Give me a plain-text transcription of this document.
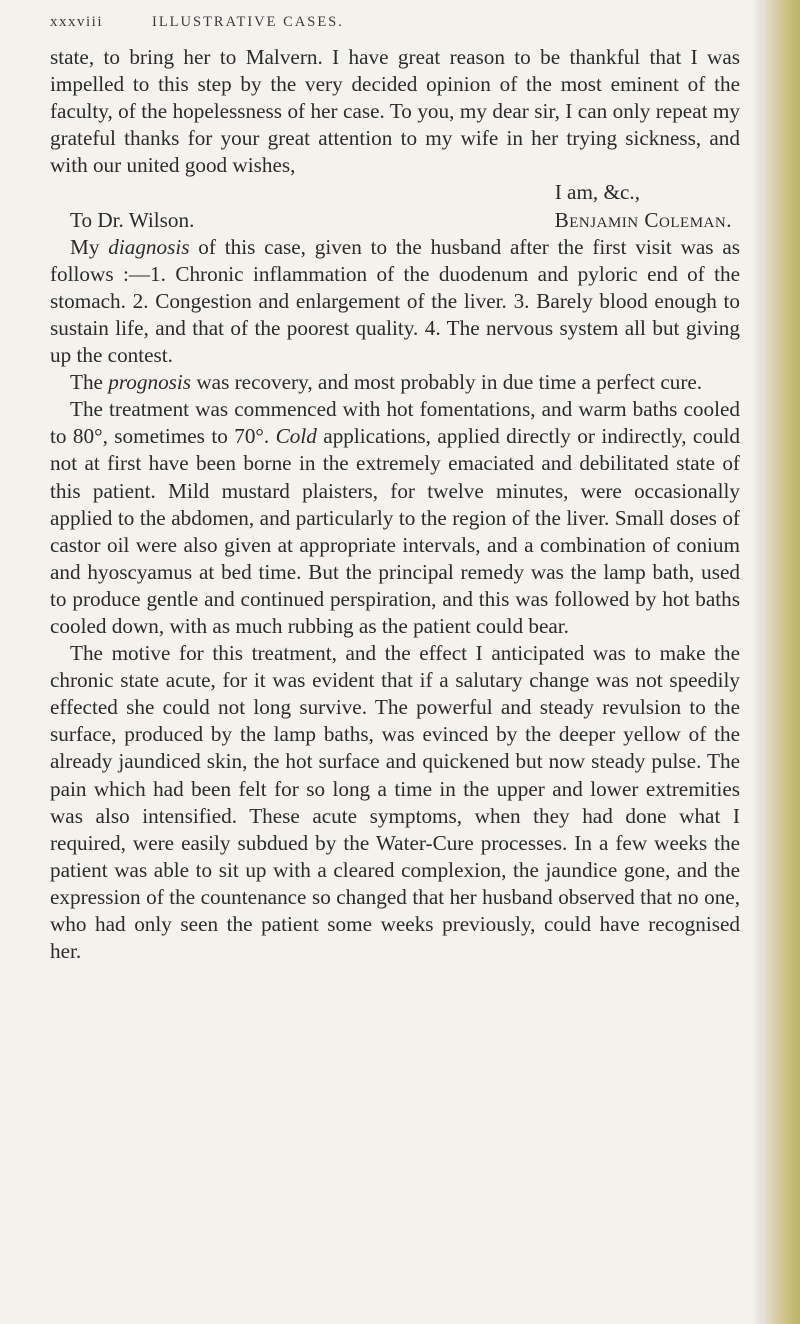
xxxviii	ILLUSTRATIVE CASES.

state, to bring her to Malvern. I have great reason to be thankful that I was impelled to this step by the very decided opinion of the most eminent of the faculty, of the hopelessness of her case. To you, my dear sir, I can only repeat my grateful thanks for your great attention to my wife in her trying sickness, and with our united good wishes,

I am, &c.,
To Dr. Wilson.	Benjamin Coleman.

My diagnosis of this case, given to the husband after the first visit was as follows :—1. Chronic inflammation of the duodenum and pyloric end of the stomach. 2. Congestion and enlargement of the liver. 3. Barely blood enough to sustain life, and that of the poorest quality. 4. The nervous system all but giving up the contest.

The prognosis was recovery, and most probably in due time a perfect cure.

The treatment was commenced with hot fomentations, and warm baths cooled to 80°, sometimes to 70°. Cold applications, applied directly or indirectly, could not at first have been borne in the extremely emaciated and debilitated state of this patient. Mild mustard plaisters, for twelve minutes, were occasionally applied to the abdomen, and particularly to the region of the liver. Small doses of castor oil were also given at appropriate intervals, and a combination of conium and hyoscyamus at bed time. But the principal remedy was the lamp bath, used to produce gentle and continued perspiration, and this was followed by hot baths cooled down, with as much rubbing as the patient could bear.

The motive for this treatment, and the effect I anticipated was to make the chronic state acute, for it was evident that if a salutary change was not speedily effected she could not long survive. The powerful and steady revulsion to the surface, produced by the lamp baths, was evinced by the deeper yellow of the already jaundiced skin, the hot surface and quickened but now steady pulse. The pain which had been felt for so long a time in the upper and lower extremities was also intensified. These acute symptoms, when they had done what I required, were easily subdued by the Water-Cure processes. In a few weeks the patient was able to sit up with a cleared complexion, the jaundice gone, and the expression of the countenance so changed that her husband observed that no one, who had only seen the patient some weeks previously, could have recognised her.
